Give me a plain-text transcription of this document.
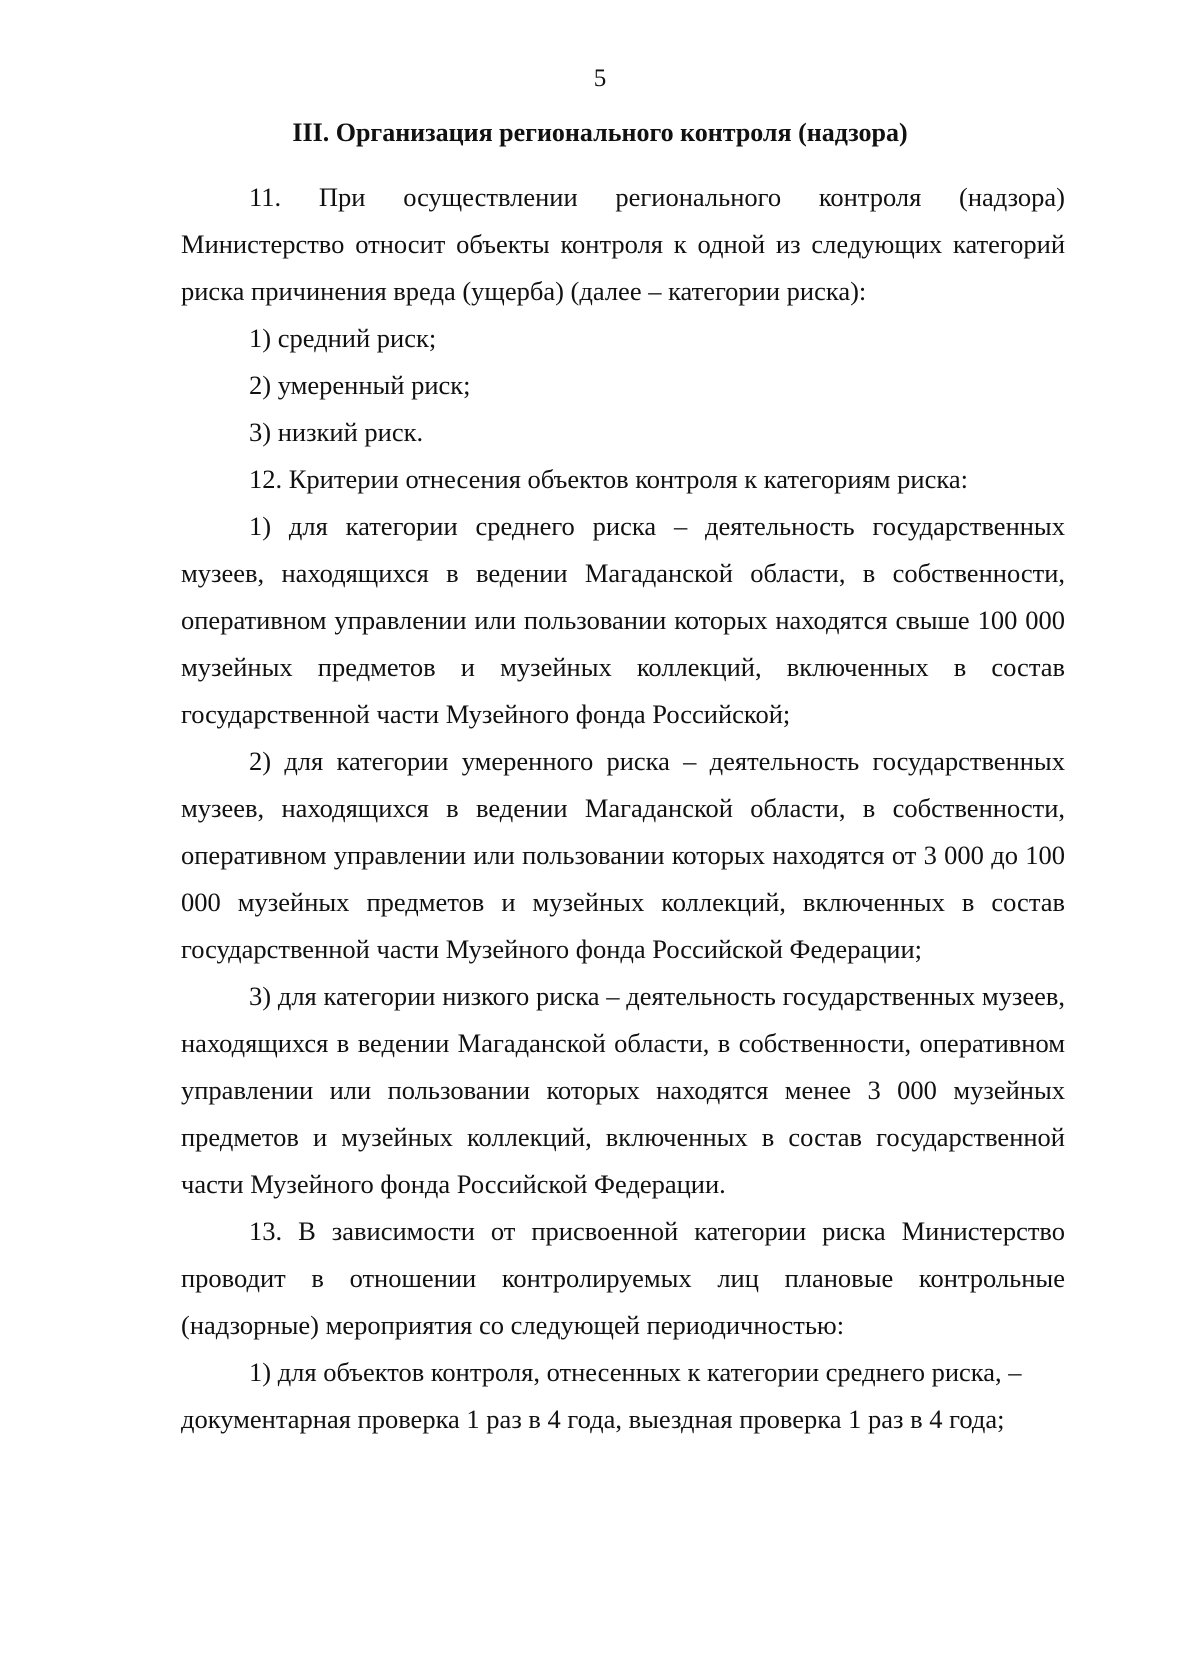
5
III. Организация регионального контроля (надзора)

11. При осуществлении регионального контроля (надзора) Министерство относит объекты контроля к одной из следующих категорий риска причинения вреда (ущерба) (далее – категории риска):

1) средний риск;

2) умеренный риск;

3) низкий риск.

12. Критерии отнесения объектов контроля к категориям риска:

1) для категории среднего риска – деятельность государственных музеев, находящихся в ведении Магаданской области, в собственности, оперативном управлении или пользовании которых находятся свыше 100 000 музейных предметов и музейных коллекций, включенных в состав государственной части Музейного фонда Российской;

2) для категории умеренного риска – деятельность государственных музеев, находящихся в ведении Магаданской области, в собственности, оперативном управлении или пользовании которых находятся от 3 000 до 100 000 музейных предметов и музейных коллекций, включенных в состав государственной части Музейного фонда Российской Федерации;

3) для категории низкого риска – деятельность государственных музеев, находящихся в ведении Магаданской области, в собственности, оперативном управлении или пользовании которых находятся менее 3 000 музейных предметов и музейных коллекций, включенных в состав государственной части Музейного фонда Российской Федерации.

13. В зависимости от присвоенной категории риска Министерство проводит в отношении контролируемых лиц плановые контрольные (надзорные) мероприятия со следующей периодичностью:

1) для объектов контроля, отнесенных к категории среднего риска, – документарная проверка 1 раз в 4 года, выездная проверка 1 раз в 4 года;
